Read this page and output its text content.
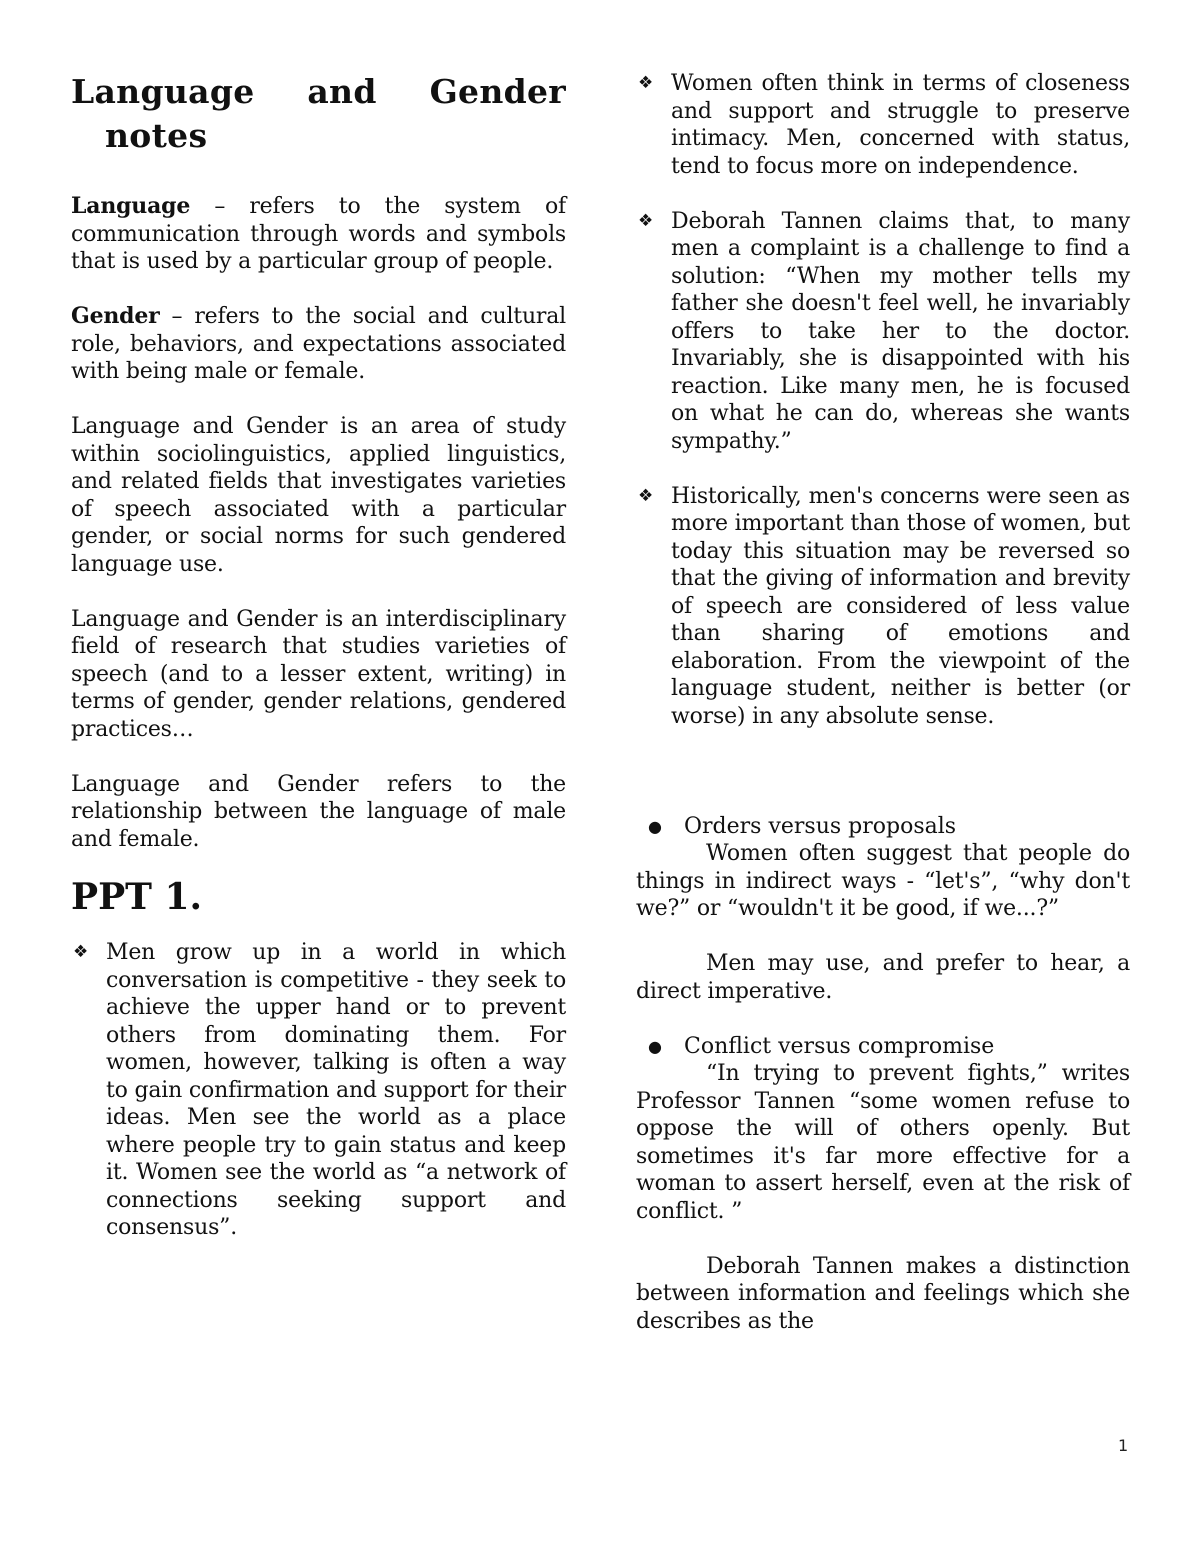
Language and Gender
notes

Language – refers to the system of communication through words and symbols that is used by a particular group of people.

Gender – refers to the social and cultural role, behaviors, and expectations associated with being male or female.

Language and Gender is an area of study within sociolinguistics, applied linguistics, and related fields that investigates varieties of speech associated with a particular gender, or social norms for such gendered language use.

Language and Gender is an interdisciplinary field of research that studies varieties of speech (and to a lesser extent, writing) in terms of gender, gender relations, gendered practices…

Language and Gender refers to the relationship between the language of male and female.

PPT 1.
❖ Men grow up in a world in which conversation is competitive - they seek to achieve the upper hand or to prevent others from dominating them. For women, however, talking is often a way to gain confirmation and support for their ideas. Men see the world as a place where people try to gain status and keep it. Women see the world as “a network of connections seeking support and consensus”.

❖ Women often think in terms of closeness and support and struggle to preserve intimacy. Men, concerned with status, tend to focus more on independence.

❖ Deborah Tannen claims that, to many men a complaint is a challenge to find a solution: “When my mother tells my father she doesn't feel well, he invariably offers to take her to the doctor. Invariably, she is disappointed with his reaction. Like many men, he is focused on what he can do, whereas she wants sympathy.”

❖ Historically, men's concerns were seen as more important than those of women, but today this situation may be reversed so that the giving of information and brevity of speech are considered of less value than sharing of emotions and elaboration. From the viewpoint of the language student, neither is better (or worse) in any absolute sense.

●	Orders versus proposals

Women often suggest that people do things in indirect ways - “let's”, “why don't we?” or “wouldn't it be good, if we...?”

Men may use, and prefer to hear, a direct imperative.

●	Conflict versus compromise

“In trying to prevent fights,” writes Professor Tannen “some women refuse to oppose the will of others openly. But sometimes it's far more effective for a woman to assert herself, even at the risk of conflict. ”

Deborah Tannen makes a distinction between information and feelings which she describes as the

1
